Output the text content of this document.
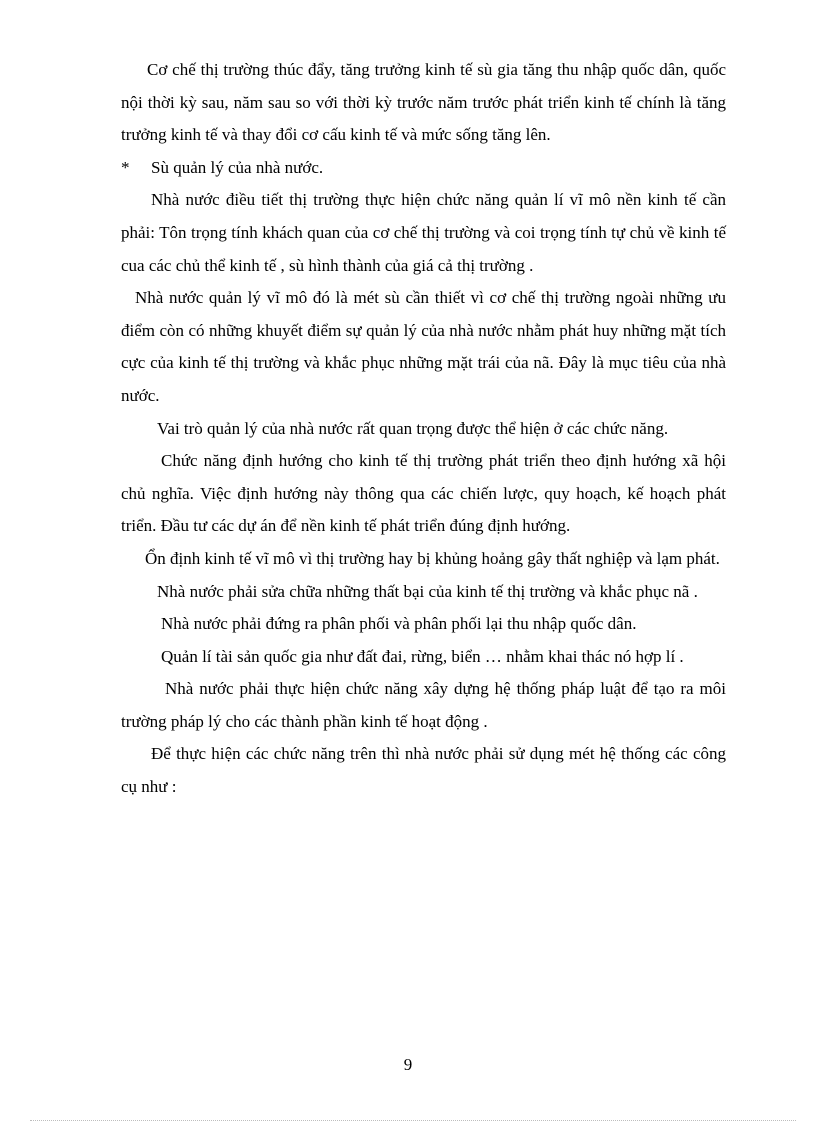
Cơ chế thị trường thúc đẩy, tăng trưởng kinh tế sù gia tăng thu nhập quốc dân, quốc nội thời kỳ sau, năm sau so với thời kỳ trước năm trước phát triển kinh tế chính là tăng trưởng kinh tế và thay đổi cơ cấu kinh tế và mức sống tăng lên.

*	Sù quản lý của nhà nước.

Nhà nước điều tiết thị trường thực hiện chức năng quản lí vĩ mô nền kinh tế cần phải: Tôn trọng tính khách quan của cơ chế thị trường và coi trọng tính tự chủ về kinh tế cua các chủ thể kinh tế , sù hình thành của giá cả thị trường .

Nhà nước quản lý vĩ mô đó là mét sù cần thiết vì cơ chế thị trường ngoài những ưu điểm còn có những khuyết điểm sự quản lý của nhà nước nhằm phát huy những mặt tích cực của kinh tế thị trường và khắc phục những mặt trái của nã. Đây là mục tiêu của nhà nước.

Vai trò quản lý của nhà nước rất quan trọng được thể hiện ở các chức năng.

Chức năng định hướng cho kinh tế thị trường phát triển theo định hướng xã hội chủ nghĩa. Việc định hướng này thông qua các chiến lược, quy hoạch, kế hoạch phát triển. Đầu tư các dự án để nền kinh tế phát triển đúng định hướng.

Ổn định kinh tế vĩ mô vì thị trường hay bị khủng hoảng gây thất nghiệp và lạm phát.

Nhà nước phải sửa chữa những thất bại của kinh tế thị trường và khắc phục nã .

Nhà nước phải đứng ra phân phối và phân phối lại thu nhập quốc dân.

Quản lí tài sản quốc gia như đất đai, rừng, biển … nhằm khai thác nó hợp lí .

Nhà nước phải thực hiện chức năng xây dựng hệ thống pháp luật để tạo ra môi trường pháp lý cho các thành phần kinh tế hoạt động .

Để thực hiện các chức năng trên thì nhà nước phải sử dụng mét hệ thống các công cụ như :

9
